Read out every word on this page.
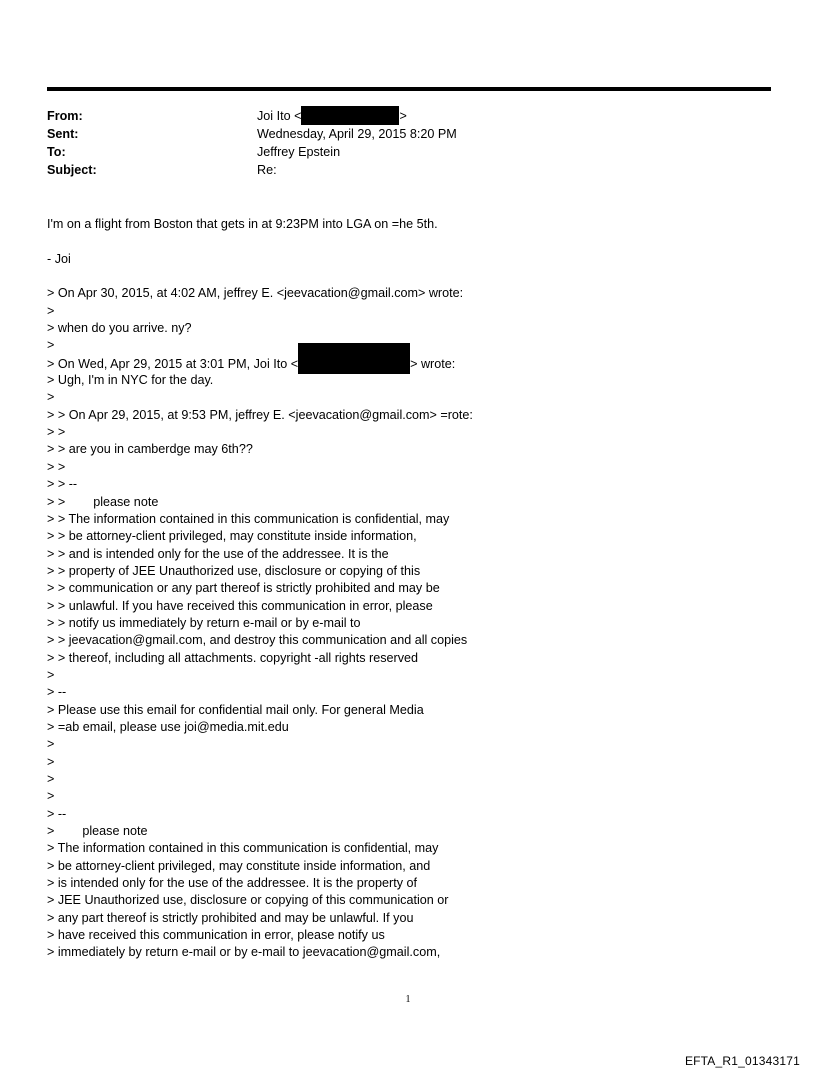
From:	Joi Ito <	>
Sent:	Wednesday, April 29, 2015 8:20 PM
To:	Jeffrey Epstein
Subject:	Re:
I'm on a flight from Boston that gets in at 9:23PM into LGA on =he 5th.
- Joi
> On Apr 30, 2015, at 4:02 AM, jeffrey E. <jeevacation@gmail.com> wrote:
>
> when do you arrive. ny?
>
> On Wed, Apr 29, 2015 at 3:01 PM, Joi Ito <	> wrote:
> Ugh, I'm in NYC for the day.
>
> > On Apr 29, 2015, at 9:53 PM, jeffrey E. <jeevacation@gmail.com> =rote:
> >
> > are you in camberdge may 6th??
> >
> > --
> >        please note
> > The information contained in this communication is confidential, may
> > be attorney-client privileged, may constitute inside information,
> > and is intended only for the use of the addressee. It is the
> > property of JEE Unauthorized use, disclosure or copying of this
> > communication or any part thereof is strictly prohibited and may be
> > unlawful. If you have received this communication in error, please
> > notify us immediately by return e-mail or by e-mail to
> > jeevacation@gmail.com, and destroy this communication and all copies
> > thereof, including all attachments. copyright -all rights reserved
>
> --
> Please use this email for confidential mail only. For general Media
> =ab email, please use joi@media.mit.edu
>
>
>
>
> --
>        please note
> The information contained in this communication is confidential, may
> be attorney-client privileged, may constitute inside information, and
> is intended only for the use of the addressee. It is the property of
> JEE Unauthorized use, disclosure or copying of this communication or
> any part thereof is strictly prohibited and may be unlawful. If you
> have received this communication in error, please notify us
> immediately by return e-mail or by e-mail to jeevacation@gmail.com,
1
EFTA_R1_01343171
